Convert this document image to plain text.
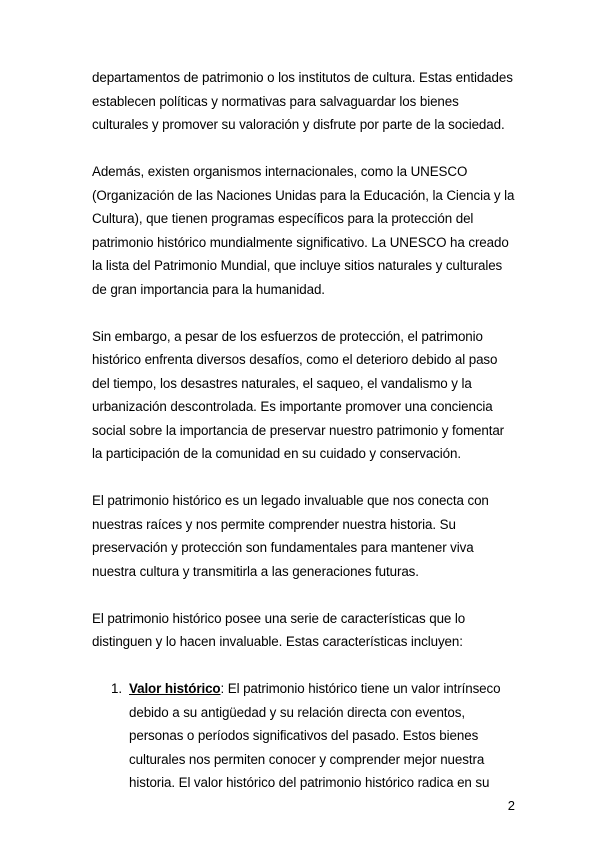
departamentos de patrimonio o los institutos de cultura. Estas entidades
establecen políticas y normativas para salvaguardar los bienes
culturales y promover su valoración y disfrute por parte de la sociedad.

Además, existen organismos internacionales, como la UNESCO
(Organización de las Naciones Unidas para la Educación, la Ciencia y la
Cultura), que tienen programas específicos para la protección del
patrimonio histórico mundialmente significativo. La UNESCO ha creado
la lista del Patrimonio Mundial, que incluye sitios naturales y culturales
de gran importancia para la humanidad.

Sin embargo, a pesar de los esfuerzos de protección, el patrimonio
histórico enfrenta diversos desafíos, como el deterioro debido al paso
del tiempo, los desastres naturales, el saqueo, el vandalismo y la
urbanización descontrolada. Es importante promover una conciencia
social sobre la importancia de preservar nuestro patrimonio y fomentar
la participación de la comunidad en su cuidado y conservación.

El patrimonio histórico es un legado invaluable que nos conecta con
nuestras raíces y nos permite comprender nuestra historia. Su
preservación y protección son fundamentales para mantener viva
nuestra cultura y transmitirla a las generaciones futuras.

El patrimonio histórico posee una serie de características que lo
distinguen y lo hacen invaluable. Estas características incluyen:

1. Valor histórico: El patrimonio histórico tiene un valor intrínseco
debido a su antigüedad y su relación directa con eventos,
personas o períodos significativos del pasado. Estos bienes
culturales nos permiten conocer y comprender mejor nuestra
historia. El valor histórico del patrimonio histórico radica en su
2
